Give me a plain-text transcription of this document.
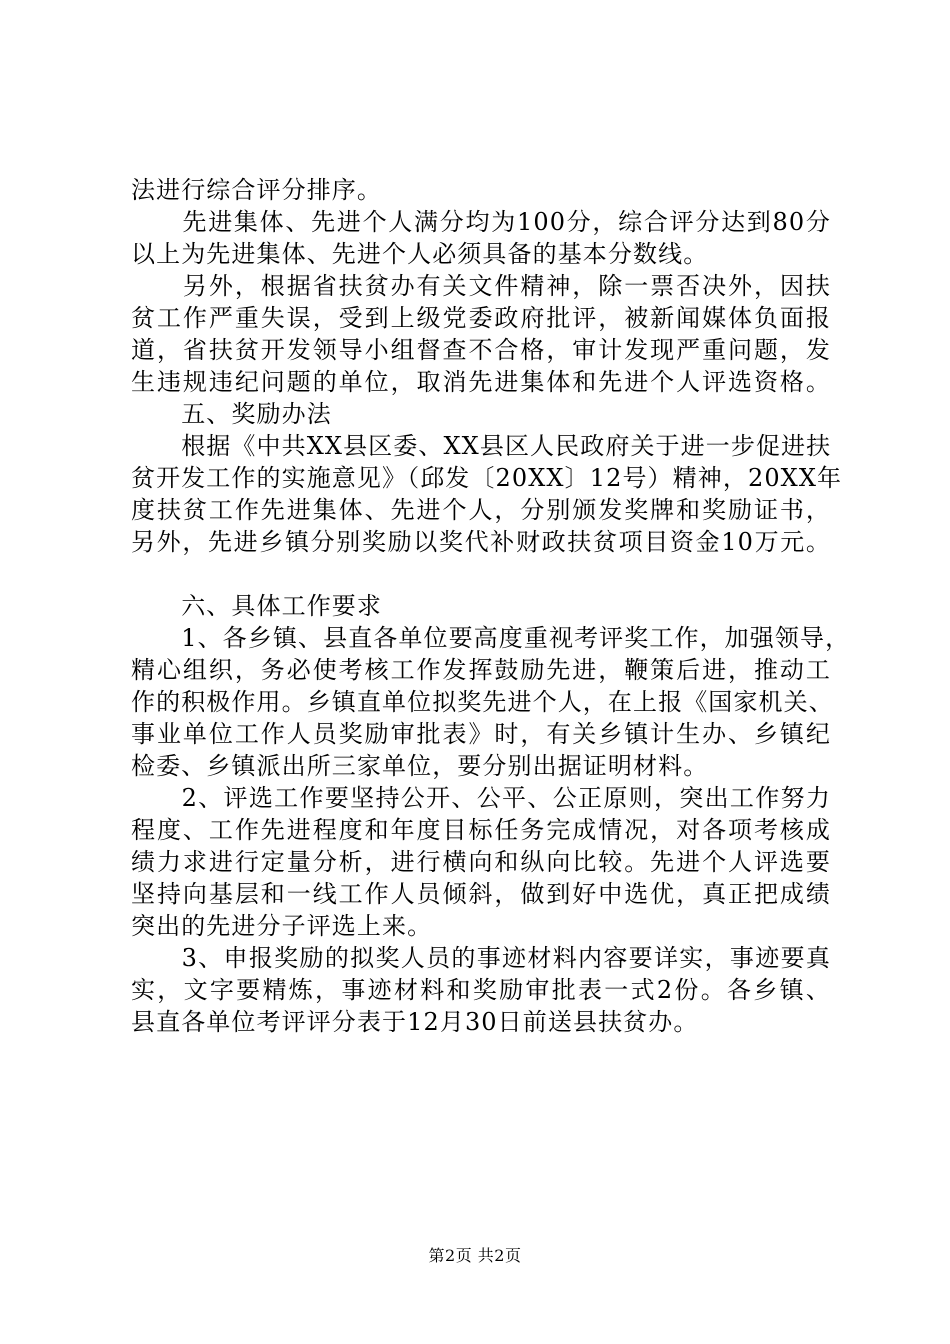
法进行综合评分排序。
　　先进集体、先进个人满分均为100分，综合评分达到80分
以上为先进集体、先进个人必须具备的基本分数线。
　　另外，根据省扶贫办有关文件精神，除一票否决外，因扶
贫工作严重失误，受到上级党委政府批评，被新闻媒体负面报
道，省扶贫开发领导小组督查不合格，审计发现严重问题，发
生违规违纪问题的单位，取消先进集体和先进个人评选资格。
　　五、奖励办法
　　根据《中共XX县区委、XX县区人民政府关于进一步促进扶
贫开发工作的实施意见》（邱发〔20XX〕12号）精神，20XX年
度扶贫工作先进集体、先进个人，分别颁发奖牌和奖励证书，
另外，先进乡镇分别奖励以奖代补财政扶贫项目资金10万元。
　　六、具体工作要求
　　1、各乡镇、县直各单位要高度重视考评奖工作，加强领导，
精心组织，务必使考核工作发挥鼓励先进，鞭策后进，推动工
作的积极作用。乡镇直单位拟奖先进个人，在上报《国家机关、
事业单位工作人员奖励审批表》时，有关乡镇计生办、乡镇纪
检委、乡镇派出所三家单位，要分别出据证明材料。
　　2、评选工作要坚持公开、公平、公正原则，突出工作努力
程度、工作先进程度和年度目标任务完成情况，对各项考核成
绩力求进行定量分析，进行横向和纵向比较。先进个人评选要
坚持向基层和一线工作人员倾斜，做到好中选优，真正把成绩
突出的先进分子评选上来。
　　3、申报奖励的拟奖人员的事迹材料内容要详实，事迹要真
实，文字要精炼，事迹材料和奖励审批表一式2份。各乡镇、
县直各单位考评评分表于12月30日前送县扶贫办。
第2页 共2页
